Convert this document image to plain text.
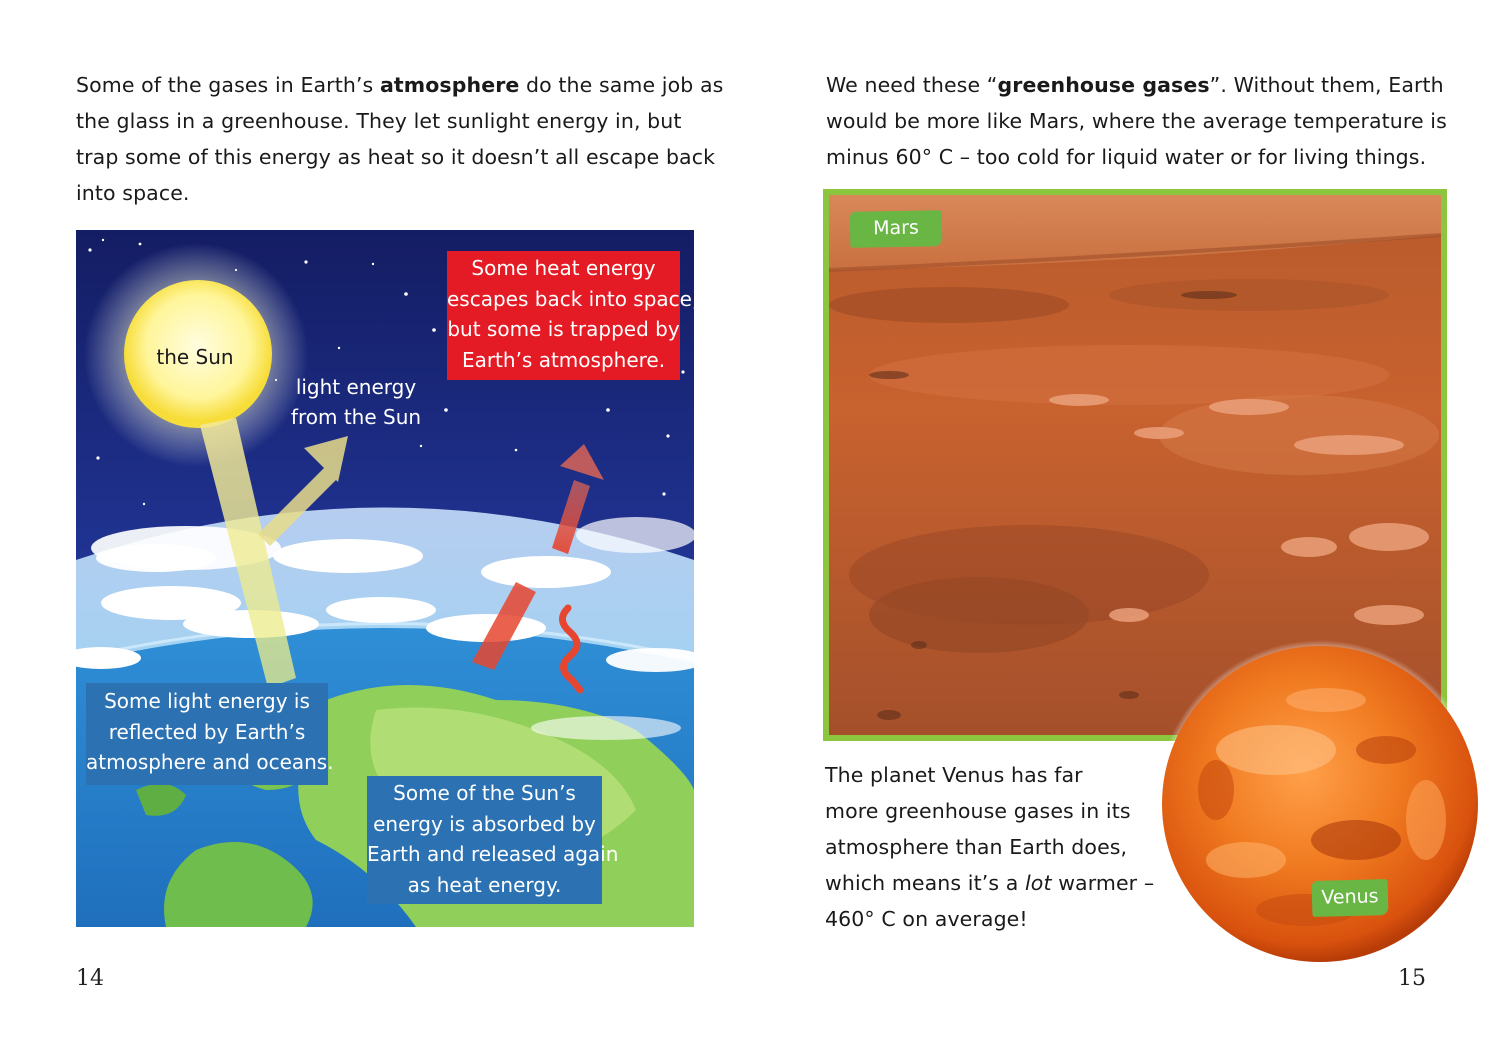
Some of the gases in Earth’s atmosphere do the same job as
the glass in a greenhouse. They let sunlight energy in, but
trap some of this energy as heat so it doesn’t all escape back
into space.
the Sun
light energy
from the Sun
Some heat energy
escapes back into space,
but some is trapped by
Earth’s atmosphere.
Some light energy is
reflected by Earth’s
atmosphere and oceans.
Some of the Sun’s
energy is absorbed by
Earth and released again
as heat energy.
14
We need these “greenhouse gases”. Without them, Earth
would be more like Mars, where the average temperature is
minus 60° C – too cold for liquid water or for living things.
Mars
Venus
The planet Venus has far
more greenhouse gases in its
atmosphere than Earth does,
which means it’s a lot warmer –
460° C on average!
15
